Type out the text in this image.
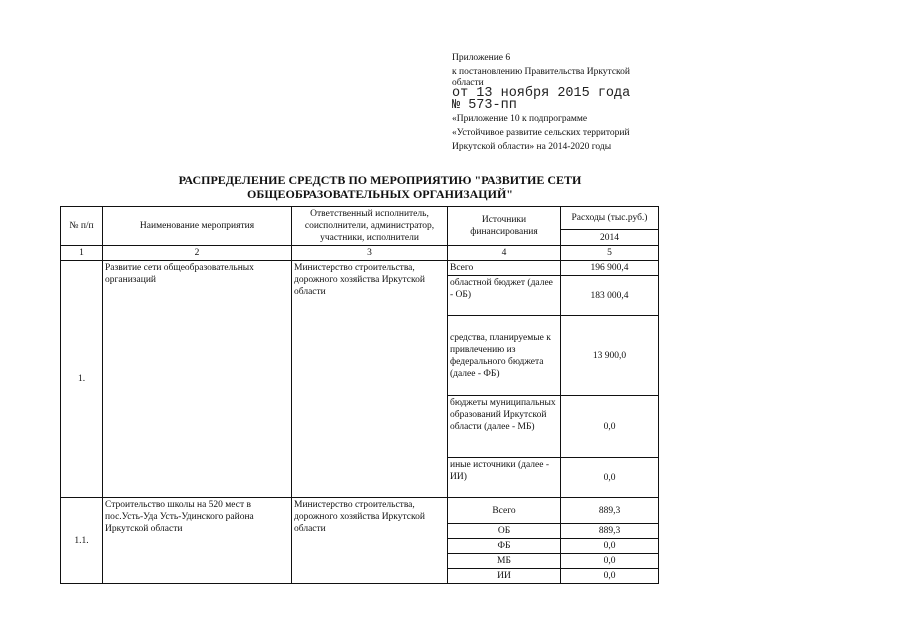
Приложение 6
к постановлению Правительства Иркутской
области
от 13 ноября 2015 года
№ 573-пп
«Приложение 10 к подпрограмме
«Устойчивое развитие сельских территорий
Иркутской области» на 2014-2020 годы
РАСПРЕДЕЛЕНИЕ СРЕДСТВ ПО МЕРОПРИЯТИЮ "РАЗВИТИЕ СЕТИ
ОБЩЕОБРАЗОВАТЕЛЬНЫХ ОРГАНИЗАЦИЙ"
№ п/п	Наименование мероприятия	Ответственный исполнитель, соисполнители, администратор, участники, исполнители	Источники финансирования	Расходы (тыс.руб.)
				2014
1	2	3	4	5
1.	Развитие сети общеобразовательных организаций	Министерство строительства, дорожного хозяйства Иркутской области	Всего	196 900,4
			областной бюджет (далее - ОБ)	183 000,4
			средства, планируемые к привлечению из федерального бюджета (далее - ФБ)	13 900,0
			бюджеты муниципальных образований Иркутской области (далее - МБ)	0,0
			иные источники (далее - ИИ)	0,0
1.1.	Строительство школы на 520 мест в пос.Усть-Уда Усть-Удинского района Иркутской области	Министерство строительства, дорожного хозяйства Иркутской области	Всего	889,3
			ОБ	889,3
			ФБ	0,0
			МБ	0,0
			ИИ	0,0
